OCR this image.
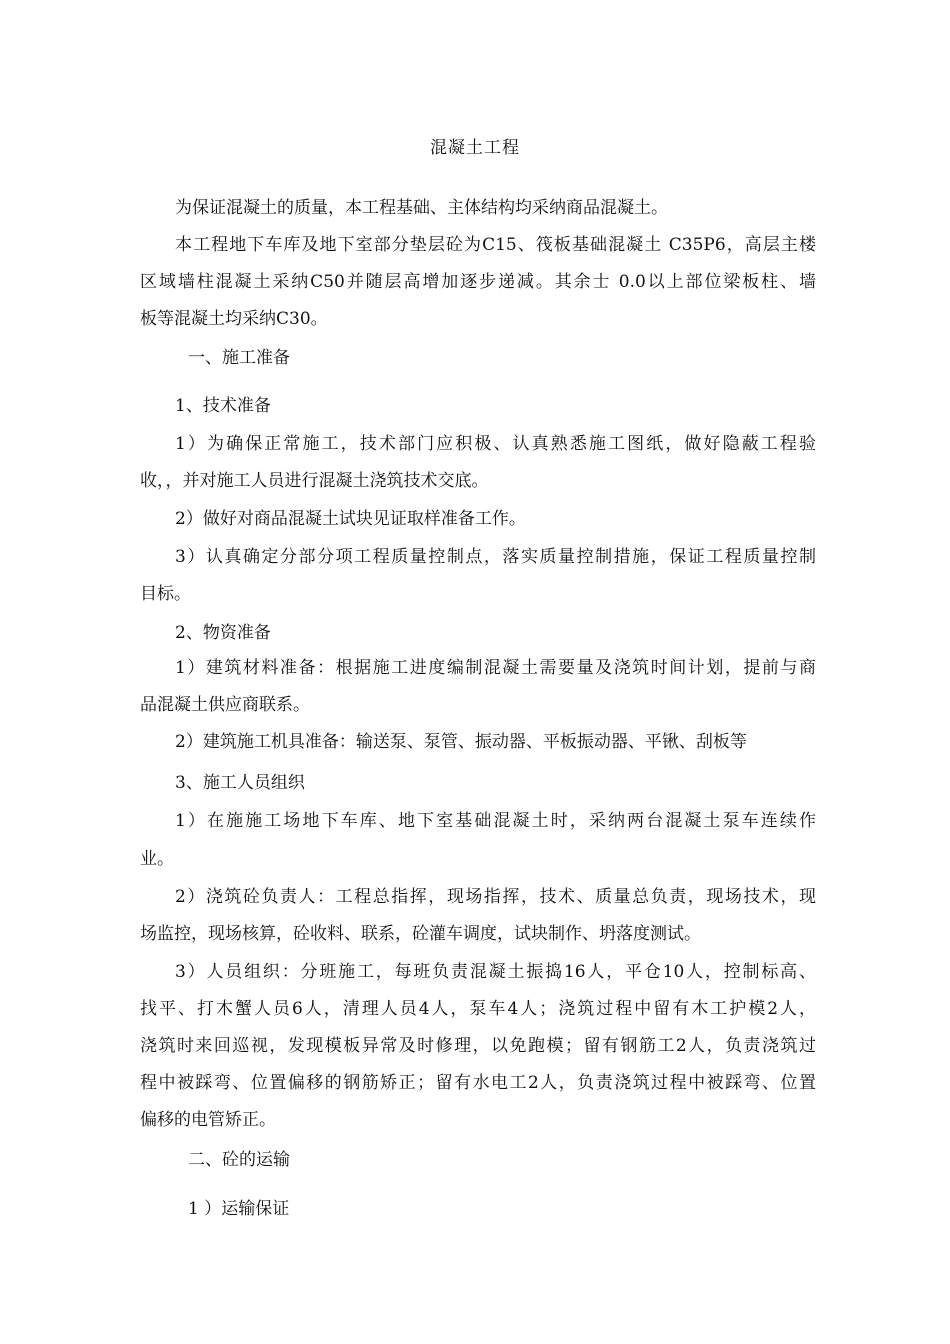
混凝土工程
为保证混凝土的质量，本工程基础、主体结构均采纳商品混凝土。
本工程地下车库及地下室部分垫层砼为C15、筏板基础混凝土 C35P6，高层主楼
区域墙柱混凝土采纳C50并随层高增加逐步递减。其余士 0.0以上部位梁板柱、墙
板等混凝土均采纳C30。
一、施工准备
1、技术准备
1）为确保正常施工，技术部门应积极、认真熟悉施工图纸，做好隐蔽工程验
收，，并对施工人员进行混凝土浇筑技术交底。
2）做好对商品混凝土试块见证取样准备工作。
3）认真确定分部分项工程质量控制点，落实质量控制措施，保证工程质量控制
目标。
2、物资准备
1）建筑材料准备：根据施工进度编制混凝土需要量及浇筑时间计划，提前与商
品混凝土供应商联系。
2）建筑施工机具准备：输送泵、泵管、振动器、平板振动器、平锹、刮板等
3、施工人员组织
1）在施施工场地下车库、地下室基础混凝土时，采纳两台混凝土泵车连续作
业。
2）浇筑砼负责人：工程总指挥，现场指挥，技术、质量总负责，现场技术，现
场监控，现场核算，砼收料、联系，砼灌车调度，试块制作、坍落度测试。
3）人员组织：分班施工，每班负责混凝土振捣16人，平仓10人，控制标高、
找平、打木蟹人员6人，清理人员4人，泵车4人；浇筑过程中留有木工护模2人，
浇筑时来回巡视，发现模板异常及时修理，以免跑模；留有钢筋工2人，负责浇筑过
程中被踩弯、位置偏移的钢筋矫正；留有水电工2人，负责浇筑过程中被踩弯、位置
偏移的电管矫正。
二、砼的运输
1 ）运输保证
